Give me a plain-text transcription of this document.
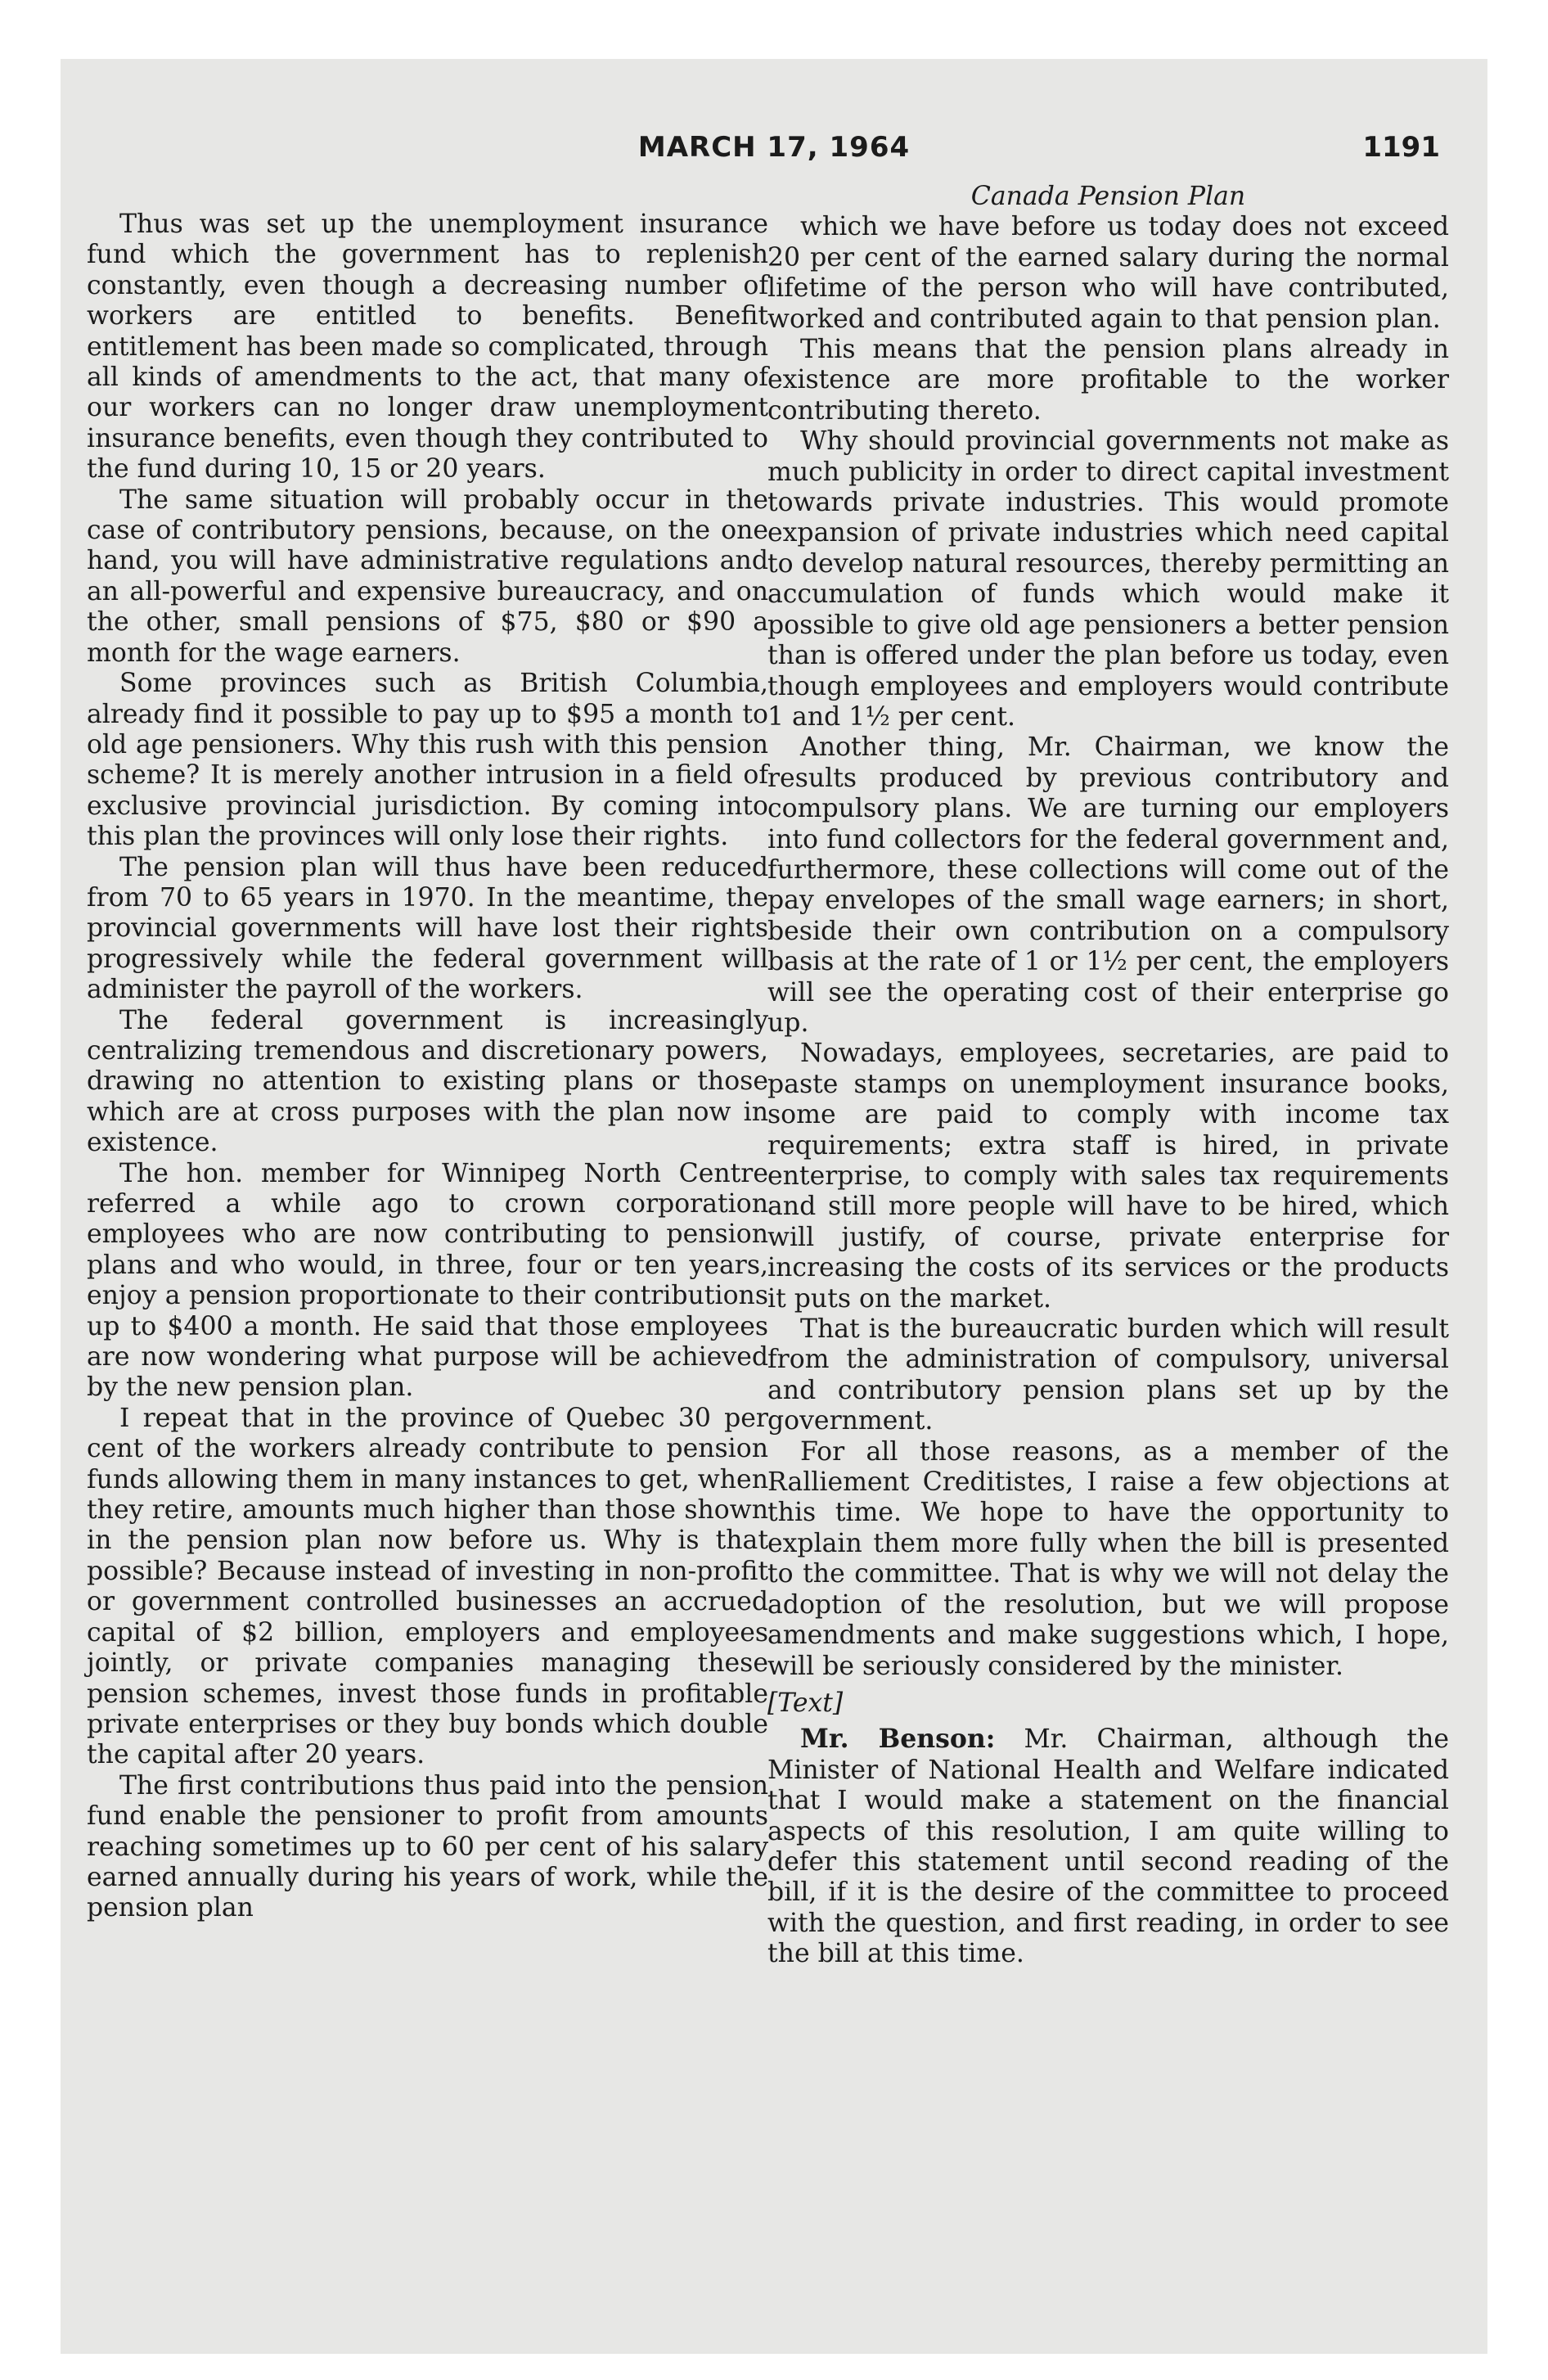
MARCH 17, 1964	1191

Thus was set up the unemployment insurance fund which the government has to replenish constantly, even though a decreasing number of workers are entitled to benefits. Benefit entitlement has been made so complicated, through all kinds of amendments to the act, that many of our workers can no longer draw unemployment insurance benefits, even though they contributed to the fund during 10, 15 or 20 years.

The same situation will probably occur in the case of contributory pensions, because, on the one hand, you will have administrative regulations and an all-powerful and expensive bureaucracy, and on the other, small pensions of $75, $80 or $90 a month for the wage earners.

Some provinces such as British Columbia, already find it possible to pay up to $95 a month to old age pensioners. Why this rush with this pension scheme? It is merely another intrusion in a field of exclusive provincial jurisdiction. By coming into this plan the provinces will only lose their rights.

The pension plan will thus have been reduced from 70 to 65 years in 1970. In the meantime, the provincial governments will have lost their rights progressively while the federal government will administer the payroll of the workers.

The federal government is increasingly centralizing tremendous and discretionary powers, drawing no attention to existing plans or those which are at cross purposes with the plan now in existence.

The hon. member for Winnipeg North Centre referred a while ago to crown corporation employees who are now contributing to pension plans and who would, in three, four or ten years, enjoy a pension proportionate to their contributions up to $400 a month. He said that those employees are now wondering what purpose will be achieved by the new pension plan.

I repeat that in the province of Quebec 30 per cent of the workers already contribute to pension funds allowing them in many instances to get, when they retire, amounts much higher than those shown in the pension plan now before us. Why is that possible? Because instead of investing in non-profit or government controlled businesses an accrued capital of $2 billion, employers and employees jointly, or private companies managing these pension schemes, invest those funds in profitable private enterprises or they buy bonds which double the capital after 20 years.

The first contributions thus paid into the pension fund enable the pensioner to profit from amounts reaching sometimes up to 60 per cent of his salary earned annually during his years of work, while the pension plan

Canada Pension Plan

which we have before us today does not exceed 20 per cent of the earned salary during the normal lifetime of the person who will have contributed, worked and contributed again to that pension plan.

This means that the pension plans already in existence are more profitable to the worker contributing thereto.

Why should provincial governments not make as much publicity in order to direct capital investment towards private industries. This would promote expansion of private industries which need capital to develop natural resources, thereby permitting an accumulation of funds which would make it possible to give old age pensioners a better pension than is offered under the plan before us today, even though employees and employers would contribute 1 and 1½ per cent.

Another thing, Mr. Chairman, we know the results produced by previous contributory and compulsory plans. We are turning our employers into fund collectors for the federal government and, furthermore, these collections will come out of the pay envelopes of the small wage earners; in short, beside their own contribution on a compulsory basis at the rate of 1 or 1½ per cent, the employers will see the operating cost of their enterprise go up.

Nowadays, employees, secretaries, are paid to paste stamps on unemployment insurance books, some are paid to comply with income tax requirements; extra staff is hired, in private enterprise, to comply with sales tax requirements and still more people will have to be hired, which will justify, of course, private enterprise for increasing the costs of its services or the products it puts on the market.

That is the bureaucratic burden which will result from the administration of compulsory, universal and contributory pension plans set up by the government.

For all those reasons, as a member of the Ralliement Creditistes, I raise a few objections at this time. We hope to have the opportunity to explain them more fully when the bill is presented to the committee. That is why we will not delay the adoption of the resolution, but we will propose amendments and make suggestions which, I hope, will be seriously considered by the minister.

[Text]

Mr. Benson: Mr. Chairman, although the Minister of National Health and Welfare indicated that I would make a statement on the financial aspects of this resolution, I am quite willing to defer this statement until second reading of the bill, if it is the desire of the committee to proceed with the question, and first reading, in order to see the bill at this time.
